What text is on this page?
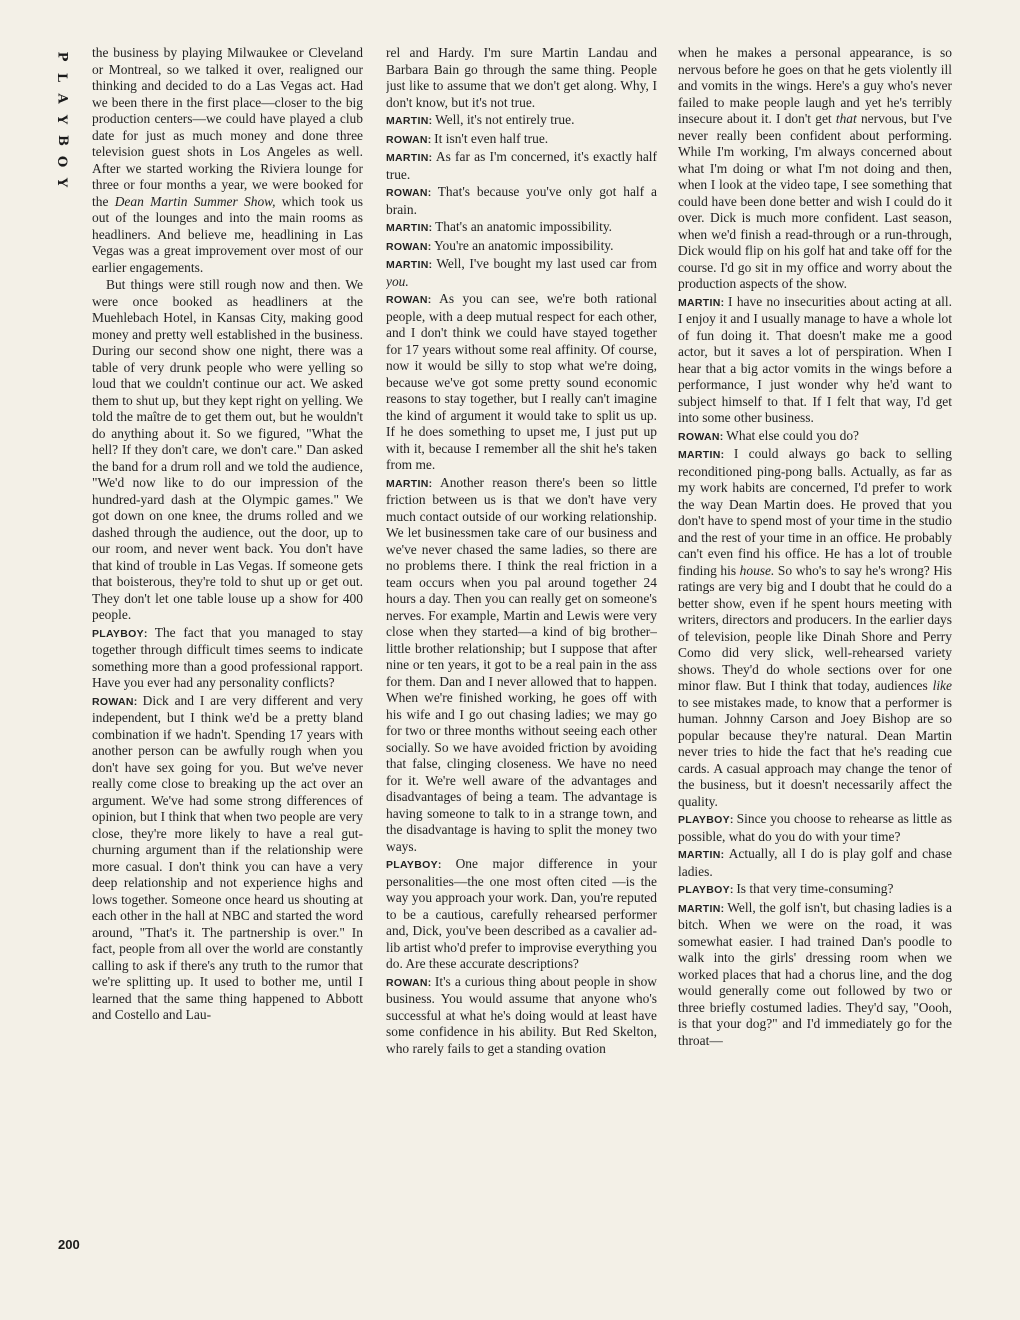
P
L
A
Y
B
O
Y
200

the business by playing Milwaukee or Cleveland or Montreal, so we talked it over, realigned our thinking and decided to do a Las Vegas act. Had we been there in the first place—closer to the big production centers—we could have played a club date for just as much money and done three television guest shots in Los Angeles as well. After we started working the Riviera lounge for three or four months a year, we were booked for the Dean Martin Summer Show, which took us out of the lounges and into the main rooms as headliners. And believe me, headlining in Las Vegas was a great improvement over most of our earlier engagements.

But things were still rough now and then. We were once booked as headliners at the Muehlebach Hotel, in Kansas City, making good money and pretty well established in the business. During our second show one night, there was a table of very drunk people who were yelling so loud that we couldn't continue our act. We asked them to shut up, but they kept right on yelling. We told the maître de to get them out, but he wouldn't do anything about it. So we figured, "What the hell? If they don't care, we don't care." Dan asked the band for a drum roll and we told the audience, "We'd now like to do our impression of the hundred-yard dash at the Olympic games." We got down on one knee, the drums rolled and we dashed through the audience, out the door, up to our room, and never went back. You don't have that kind of trouble in Las Vegas. If someone gets that boisterous, they're told to shut up or get out. They don't let one table louse up a show for 400 people.

PLAYBOY: The fact that you managed to stay together through difficult times seems to indicate something more than a good professional rapport. Have you ever had any personality conflicts?

ROWAN: Dick and I are very different and very independent, but I think we'd be a pretty bland combination if we hadn't. Spending 17 years with another person can be awfully rough when you don't have sex going for you. But we've never really come close to breaking up the act over an argument. We've had some strong differences of opinion, but I think that when two people are very close, they're more likely to have a real gut-churning argument than if the relationship were more casual. I don't think you can have a very deep relationship and not experience highs and lows together. Someone once heard us shouting at each other in the hall at NBC and started the word around, "That's it. The partnership is over." In fact, people from all over the world are constantly calling to ask if there's any truth to the rumor that we're splitting up. It used to bother me, until I learned that the same thing happened to Abbott and Costello and Lau-

rel and Hardy. I'm sure Martin Landau and Barbara Bain go through the same thing. People just like to assume that we don't get along. Why, I don't know, but it's not true.

MARTIN: Well, it's not entirely true.

ROWAN: It isn't even half true.

MARTIN: As far as I'm concerned, it's exactly half true.

ROWAN: That's because you've only got half a brain.

MARTIN: That's an anatomic impossibility.

ROWAN: You're an anatomic impossibility.

MARTIN: Well, I've bought my last used car from you.

ROWAN: As you can see, we're both rational people, with a deep mutual respect for each other, and I don't think we could have stayed together for 17 years without some real affinity. Of course, now it would be silly to stop what we're doing, because we've got some pretty sound economic reasons to stay together, but I really can't imagine the kind of argument it would take to split us up. If he does something to upset me, I just put up with it, because I remember all the shit he's taken from me.

MARTIN: Another reason there's been so little friction between us is that we don't have very much contact outside of our working relationship. We let businessmen take care of our business and we've never chased the same ladies, so there are no problems there. I think the real friction in a team occurs when you pal around together 24 hours a day. Then you can really get on someone's nerves. For example, Martin and Lewis were very close when they started—a kind of big brother–little brother relationship; but I suppose that after nine or ten years, it got to be a real pain in the ass for them. Dan and I never allowed that to happen. When we're finished working, he goes off with his wife and I go out chasing ladies; we may go for two or three months without seeing each other socially. So we have avoided friction by avoiding that false, clinging closeness. We have no need for it. We're well aware of the advantages and disadvantages of being a team. The advantage is having someone to talk to in a strange town, and the disadvantage is having to split the money two ways.

PLAYBOY: One major difference in your personalities—the one most often cited —is the way you approach your work. Dan, you're reputed to be a cautious, carefully rehearsed performer and, Dick, you've been described as a cavalier ad-lib artist who'd prefer to improvise everything you do. Are these accurate descriptions?

ROWAN: It's a curious thing about people in show business. You would assume that anyone who's successful at what he's doing would at least have some confidence in his ability. But Red Skelton, who rarely fails to get a standing ovation

when he makes a personal appearance, is so nervous before he goes on that he gets violently ill and vomits in the wings. Here's a guy who's never failed to make people laugh and yet he's terribly insecure about it. I don't get that nervous, but I've never really been confident about performing. While I'm working, I'm always concerned about what I'm doing or what I'm not doing and then, when I look at the video tape, I see something that could have been done better and wish I could do it over. Dick is much more confident. Last season, when we'd finish a read-through or a run-through, Dick would flip on his golf hat and take off for the course. I'd go sit in my office and worry about the production aspects of the show.

MARTIN: I have no insecurities about acting at all. I enjoy it and I usually manage to have a whole lot of fun doing it. That doesn't make me a good actor, but it saves a lot of perspiration. When I hear that a big actor vomits in the wings before a performance, I just wonder why he'd want to subject himself to that. If I felt that way, I'd get into some other business.

ROWAN: What else could you do?

MARTIN: I could always go back to selling reconditioned ping-pong balls. Actually, as far as my work habits are concerned, I'd prefer to work the way Dean Martin does. He proved that you don't have to spend most of your time in the studio and the rest of your time in an office. He probably can't even find his office. He has a lot of trouble finding his house. So who's to say he's wrong? His ratings are very big and I doubt that he could do a better show, even if he spent hours meeting with writers, directors and producers. In the earlier days of television, people like Dinah Shore and Perry Como did very slick, well-rehearsed variety shows. They'd do whole sections over for one minor flaw. But I think that today, audiences like to see mistakes made, to know that a performer is human. Johnny Carson and Joey Bishop are so popular because they're natural. Dean Martin never tries to hide the fact that he's reading cue cards. A casual approach may change the tenor of the business, but it doesn't necessarily affect the quality.

PLAYBOY: Since you choose to rehearse as little as possible, what do you do with your time?

MARTIN: Actually, all I do is play golf and chase ladies.

PLAYBOY: Is that very time-consuming?

MARTIN: Well, the golf isn't, but chasing ladies is a bitch. When we were on the road, it was somewhat easier. I had trained Dan's poodle to walk into the girls' dressing room when we worked places that had a chorus line, and the dog would generally come out followed by two or three briefly costumed ladies. They'd say, "Oooh, is that your dog?" and I'd immediately go for the throat—
